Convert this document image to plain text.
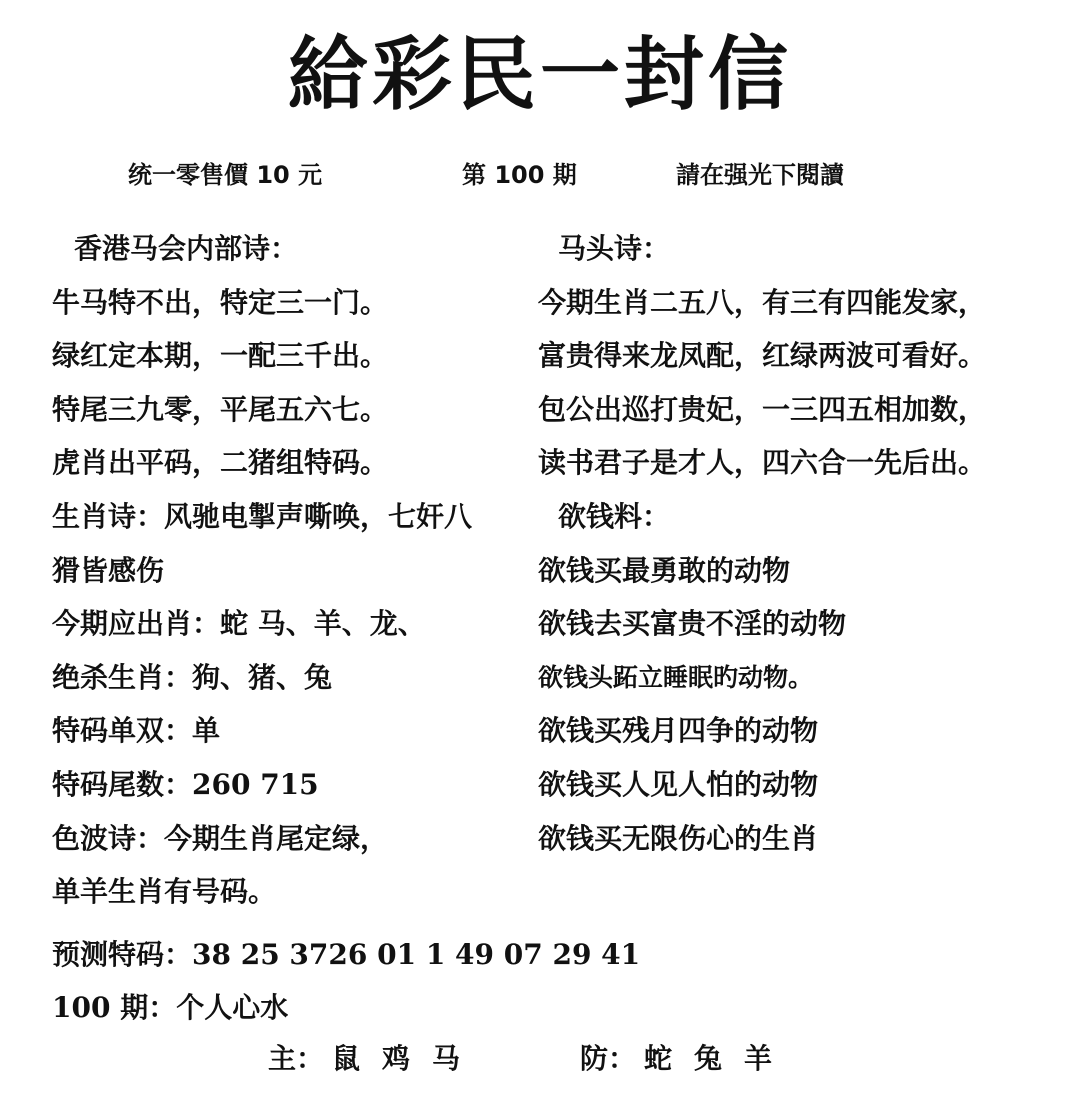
給彩民一封信
统一零售價 10 元	第 100 期	請在强光下閱讀
香港马会内部诗：
牛马特不出，特定三一门。
绿红定本期，一配三千出。
特尾三九零，平尾五六七。
虎肖出平码，二猪组特码。
生肖诗：风驰电掣声嘶唤，七奸八
猾皆感伤
今期应出肖：蛇 马、羊、龙、
绝杀生肖：狗、猪、兔
特码单双：单
特码尾数：260 715
色波诗：今期生肖尾定绿，
单羊生肖有号码。
马头诗：
今期生肖二五八，有三有四能发家，
富贵得来龙凤配，红绿两波可看好。
包公出巡打贵妃，一三四五相加数，
读书君子是才人，四六合一先后出。
欲钱料：
欲钱买最勇敢的动物
欲钱去买富贵不淫的动物
欲钱头跖立睡眠旳动物。
欲钱买残月四争的动物
欲钱买人见人怕的动物
欲钱买无限伤心的生肖
预测特码：38 25 3726 01 1 49 07 29 41
100 期：个人心水
主： 鼠 鸡 马	防： 蛇 兔 羊
